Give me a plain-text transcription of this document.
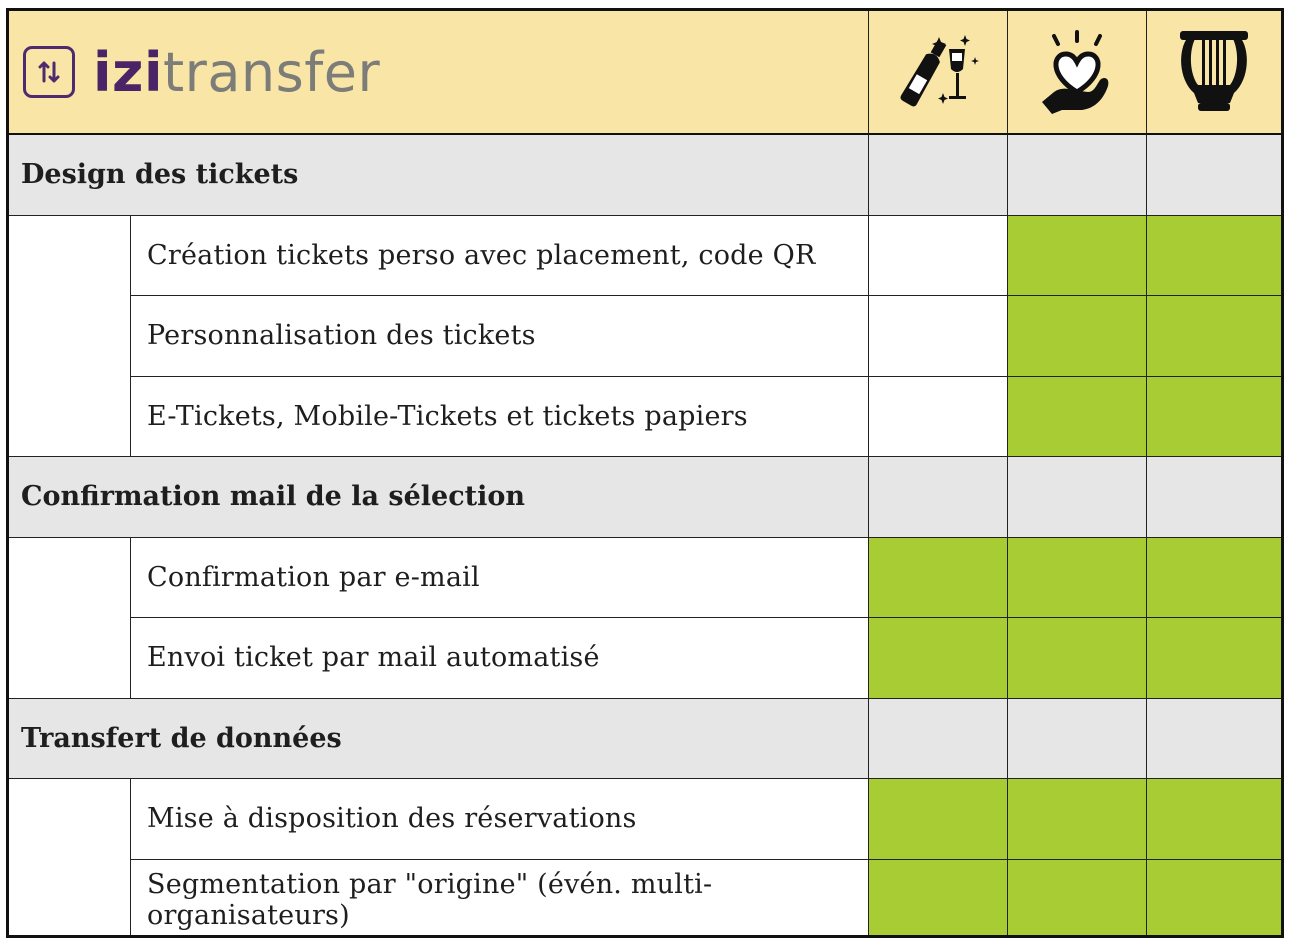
izitransfer
Design des tickets
Création tickets perso avec placement, code QR
Personnalisation des tickets
E-Tickets, Mobile-Tickets et tickets papiers
Confirmation mail de la sélection
Confirmation par e-mail
Envoi ticket par mail automatisé
Transfert de données
Mise à disposition des réservations
Segmentation par "origine" (évén. multi-organisateurs)
